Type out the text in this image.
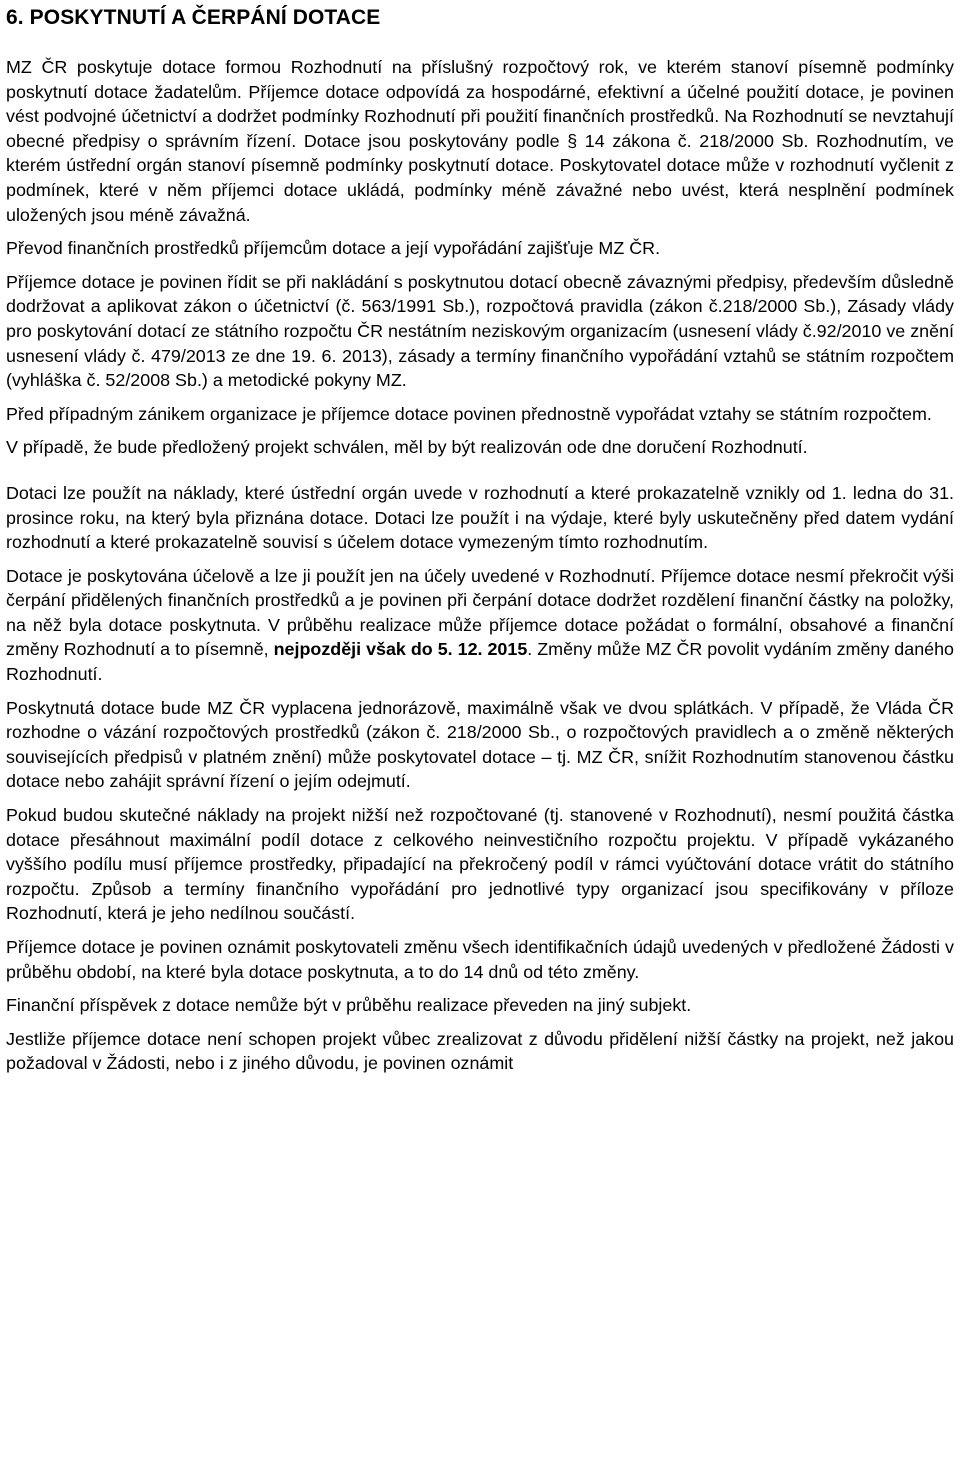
6. POSKYTNUTÍ A ČERPÁNÍ DOTACE

MZ ČR poskytuje dotace formou Rozhodnutí na příslušný rozpočtový rok, ve kterém stanoví písemně podmínky poskytnutí dotace žadatelům. Příjemce dotace odpovídá za hospodárné, efektivní a účelné použití dotace, je povinen vést podvojné účetnictví a dodržet podmínky Rozhodnutí při použití finančních prostředků. Na Rozhodnutí se nevztahují obecné předpisy o správním řízení. Dotace jsou poskytovány podle § 14 zákona č. 218/2000 Sb. Rozhodnutím, ve kterém ústřední orgán stanoví písemně podmínky poskytnutí dotace. Poskytovatel dotace může v rozhodnutí vyčlenit z podmínek, které v něm příjemci dotace ukládá, podmínky méně závažné nebo uvést, která nesplnění podmínek uložených jsou méně závažná.

Převod finančních prostředků příjemcům dotace a její vypořádání zajišťuje MZ ČR.

Příjemce dotace je povinen řídit se při nakládání s poskytnutou dotací obecně závaznými předpisy, především důsledně dodržovat a aplikovat zákon o účetnictví (č. 563/1991 Sb.), rozpočtová pravidla (zákon č.218/2000 Sb.), Zásady vlády pro poskytování dotací ze státního rozpočtu ČR nestátním neziskovým organizacím (usnesení vlády č.92/2010 ve znění usnesení vlády č. 479/2013 ze dne 19. 6. 2013), zásady a termíny finančního vypořádání vztahů se státním rozpočtem (vyhláška č. 52/2008 Sb.) a metodické pokyny MZ.

Před případným zánikem organizace je příjemce dotace povinen přednostně vypořádat vztahy se státním rozpočtem.

V případě, že bude předložený projekt schválen, měl by být realizován ode dne doručení Rozhodnutí.

Dotaci lze použít na náklady, které ústřední orgán uvede v rozhodnutí a které prokazatelně vznikly od 1. ledna do 31. prosince roku, na který byla přiznána dotace. Dotaci lze použít i na výdaje, které byly uskutečněny před datem vydání rozhodnutí a které prokazatelně souvisí s účelem dotace vymezeným tímto rozhodnutím.

Dotace je poskytována účelově a lze ji použít jen na účely uvedené v Rozhodnutí. Příjemce dotace nesmí překročit výši čerpání přidělených finančních prostředků a je povinen při čerpání dotace dodržet rozdělení finanční částky na položky, na něž byla dotace poskytnuta. V průběhu realizace může příjemce dotace požádat o formální, obsahové a finanční změny Rozhodnutí a to písemně, nejpozději však do 5. 12. 2015. Změny může MZ ČR povolit vydáním změny daného Rozhodnutí.

Poskytnutá dotace bude MZ ČR vyplacena jednorázově, maximálně však ve dvou splátkách. V případě, že Vláda ČR rozhodne o vázání rozpočtových prostředků (zákon č. 218/2000 Sb., o rozpočtových pravidlech a o změně některých souvisejících předpisů v platném znění) může poskytovatel dotace – tj. MZ ČR, snížit Rozhodnutím stanovenou částku dotace nebo zahájit správní řízení o jejím odejmutí.

Pokud budou skutečné náklady na projekt nižší než rozpočtované (tj. stanovené v Rozhodnutí), nesmí použitá částka dotace přesáhnout maximální podíl dotace z celkového neinvestičního rozpočtu projektu. V případě vykázaného vyššího podílu musí příjemce prostředky, připadající na překročený podíl v rámci vyúčtování dotace vrátit do státního rozpočtu. Způsob a termíny finančního vypořádání pro jednotlivé typy organizací jsou specifikovány v příloze Rozhodnutí, která je jeho nedílnou součástí.

Příjemce dotace je povinen oznámit poskytovateli změnu všech identifikačních údajů uvedených v předložené Žádosti v průběhu období, na které byla dotace poskytnuta, a to do 14 dnů od této změny.

Finanční příspěvek z dotace nemůže být v průběhu realizace převeden na jiný subjekt.

Jestliže příjemce dotace není schopen projekt vůbec zrealizovat z důvodu přidělení nižší částky na projekt, než jakou požadoval v Žádosti, nebo i z jiného důvodu, je povinen oznámit
